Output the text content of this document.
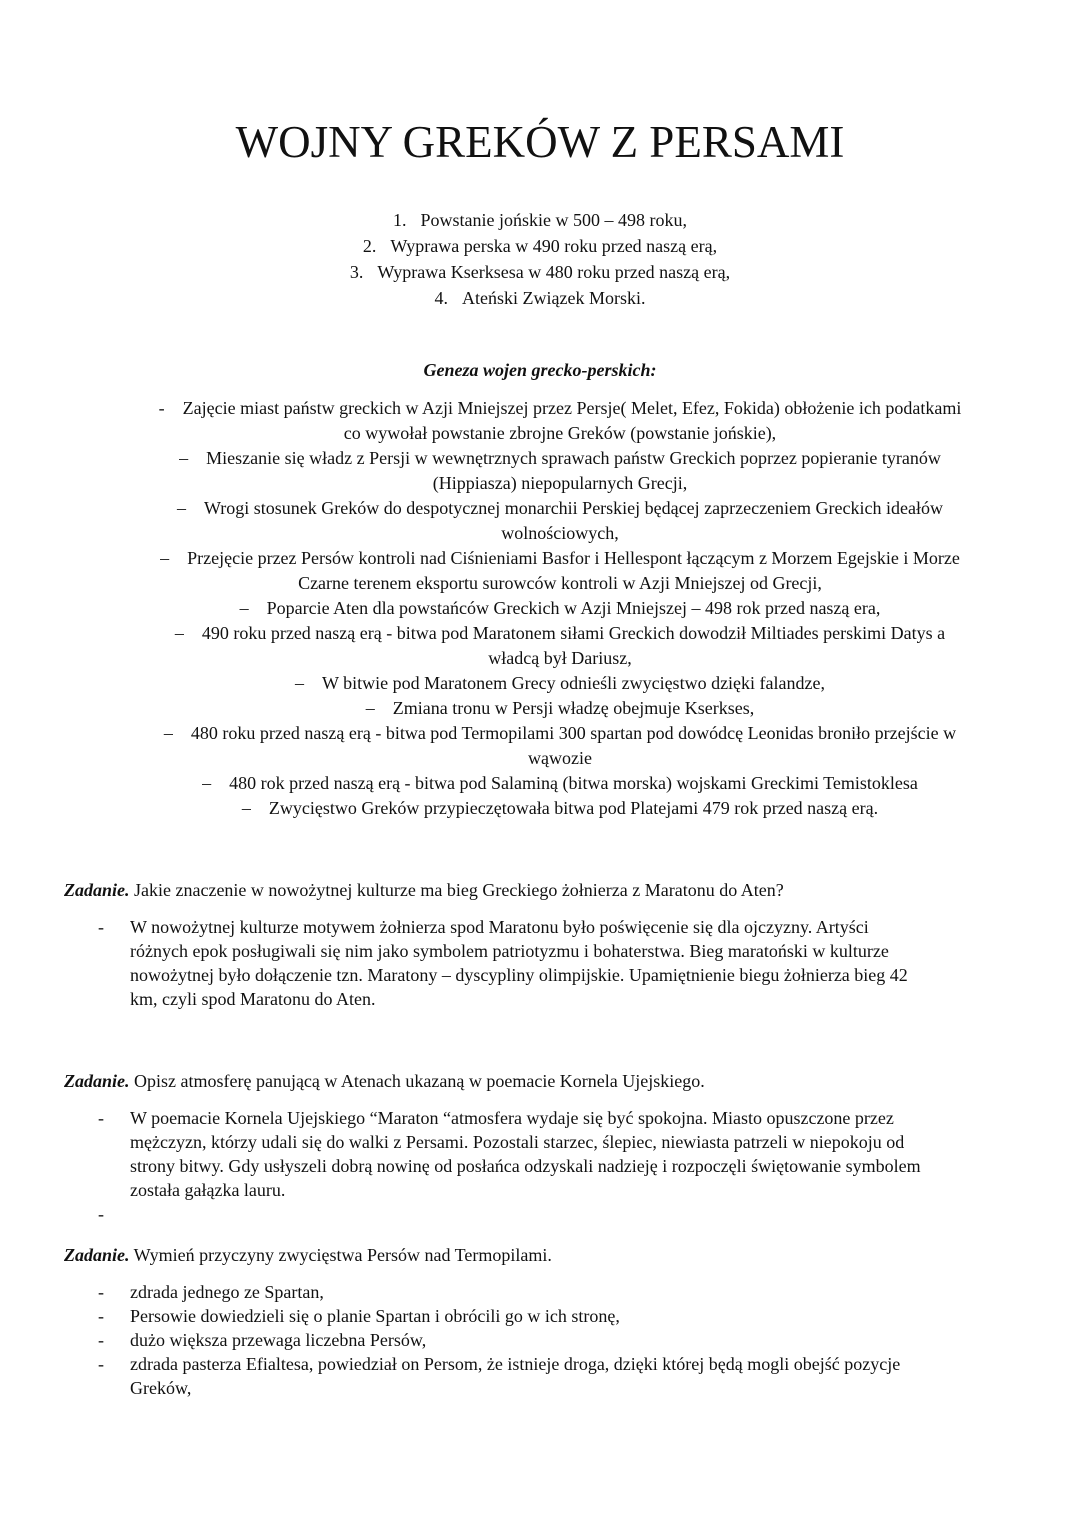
WOJNY GREKÓW Z PERSAMI
1. Powstanie jońskie w 500 – 498 roku,
2. Wyprawa perska w 490 roku przed naszą erą,
3. Wyprawa Kserksesa w 480 roku przed naszą erą,
4. Ateński Związek Morski.
Geneza wojen grecko-perskich:
- Zajęcie miast państw greckich w Azji Mniejszej przez Persje( Melet, Efez, Fokida) obłożenie ich podatkami
co wywołał powstanie zbrojne Greków (powstanie jońskie),
– Mieszanie się władz z Persji w wewnętrznych sprawach państw Greckich poprzez popieranie tyranów
(Hippiasza) niepopularnych Grecji,
– Wrogi stosunek Greków do despotycznej monarchii Perskiej będącej zaprzeczeniem Greckich ideałów
wolnościowych,
– Przejęcie przez Persów kontroli nad Ciśnieniami Basfor i Hellespont łączącym z Morzem Egejskie i Morze
Czarne terenem eksportu surowców kontroli w Azji Mniejszej od Grecji,
– Poparcie Aten dla powstańców Greckich w Azji Mniejszej – 498 rok przed naszą era,
– 490 roku przed naszą erą - bitwa pod Maratonem siłami Greckich dowodził Miltiades perskimi Datys a
władcą był Dariusz,
– W bitwie pod Maratonem Grecy odnieśli zwycięstwo dzięki falandze,
– Zmiana tronu w Persji władzę obejmuje Kserkses,
– 480 roku przed naszą erą - bitwa pod Termopilami 300 spartan pod dowódcę Leonidas broniło przejście w
wąwozie
– 480 rok przed naszą erą - bitwa pod Salaminą (bitwa morska) wojskami Greckimi Temistoklesa
– Zwycięstwo Greków przypieczętowała bitwa pod Platejami 479 rok przed naszą erą.

Zadanie. Jakie znaczenie w nowożytnej kulturze ma bieg Greckiego żołnierza z Maratonu do Aten?

- W nowożytnej kulturze motywem żołnierza spod Maratonu było poświęcenie się dla ojczyzny. Artyści
różnych epok posługiwali się nim jako symbolem patriotyzmu i bohaterstwa. Bieg maratoński w kulturze
nowożytnej było dołączenie tzn. Maratony – dyscypliny olimpijskie. Upamiętnienie biegu żołnierza bieg 42
km, czyli spod Maratonu do Aten.

Zadanie. Opisz atmosferę panującą w Atenach ukazaną w poemacie Kornela Ujejskiego.

- W poemacie Kornela Ujejskiego “Maraton “atmosfera wydaje się być spokojna. Miasto opuszczone przez
mężczyzn, którzy udali się do walki z Persami. Pozostali starzec, ślepiec, niewiasta patrzeli w niepokoju od
strony bitwy. Gdy usłyszeli dobrą nowinę od posłańca odzyskali nadzieję i rozpoczęli świętowanie symbolem
została gałązka lauru.
-

Zadanie. Wymień przyczyny zwycięstwa Persów nad Termopilami.

- zdrada jednego ze Spartan,
- Persowie dowiedzieli się o planie Spartan i obrócili go w ich stronę,
- dużo większa przewaga liczebna Persów,
- zdrada pasterza Efialtesa, powiedział on Persom, że istnieje droga, dzięki której będą mogli obejść pozycje
Greków,
